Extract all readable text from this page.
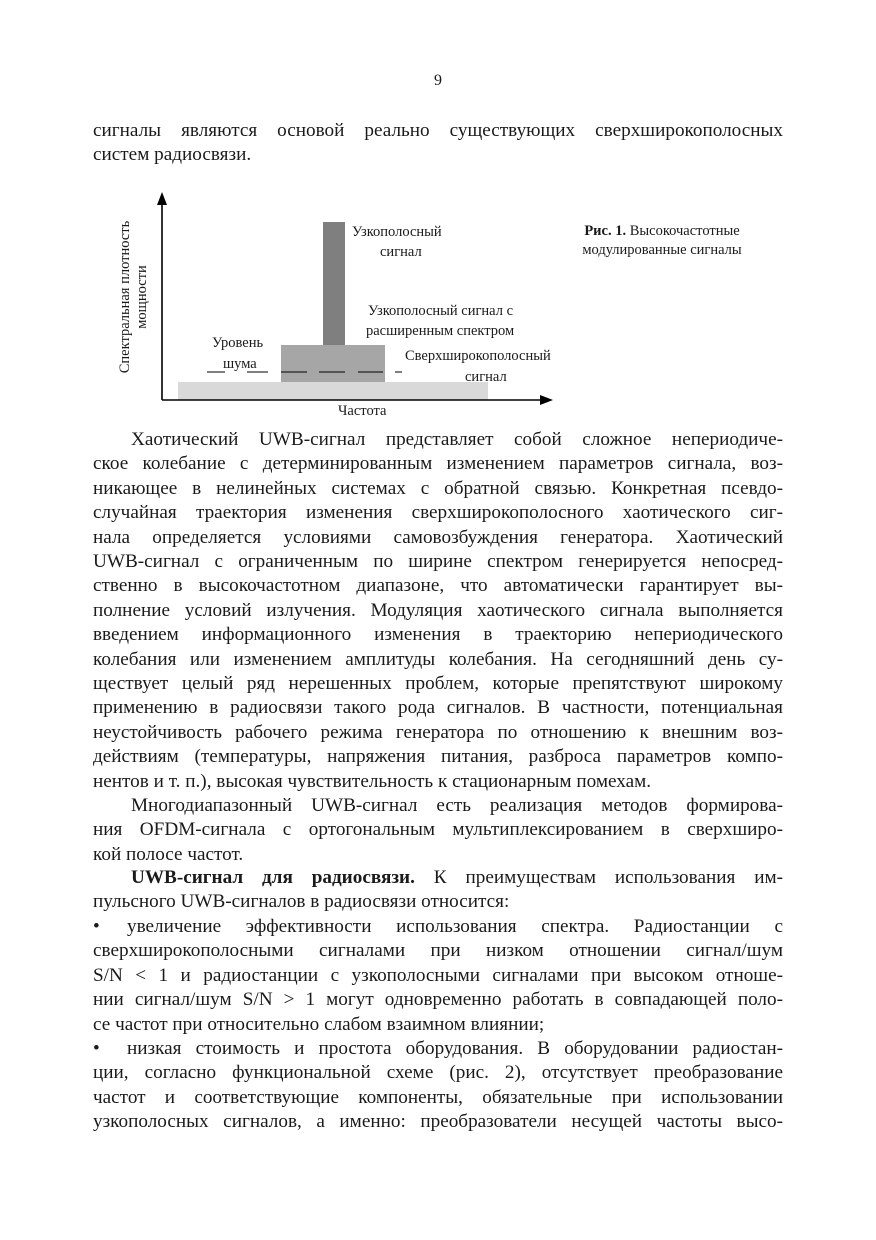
9
сигналы являются основой реально существующих сверхширокополосных
систем радиосвязи.
Спектральная плотность мощности
Частота
Узкополосный
сигнал
Узкополосный сигнал с
расширенным спектром
Уровень
шума	Сверхширокополосный
сигнал
Рис. 1. Высокочастотные
модулированные сигналы
Хаотический UWB-сигнал представляет собой сложное непериодиче-
ское колебание с детерминированным изменением параметров сигнала, воз-
никающее в нелинейных системах с обратной связью. Конкретная псевдо-
случайная траектория изменения сверхширокополосного хаотического сиг-
нала определяется условиями самовозбуждения генератора. Хаотический
UWB-сигнал с ограниченным по ширине спектром генерируется непосред-
ственно в высокочастотном диапазоне, что автоматически гарантирует вы-
полнение условий излучения. Модуляция хаотического сигнала выполняется
введением информационного изменения в траекторию непериодического
колебания или изменением амплитуды колебания. На сегодняшний день су-
ществует целый ряд нерешенных проблем, которые препятствуют широкому
применению в радиосвязи такого рода сигналов. В частности, потенциальная
неустойчивость рабочего режима генератора по отношению к внешним воз-
действиям (температуры, напряжения питания, разброса параметров компо-
нентов и т. п.), высокая чувствительность к стационарным помехам.
Многодиапазонный UWB-сигнал есть реализация методов формирова-
ния OFDM-сигнала с ортогональным мультиплексированием в сверхширо-
кой полосе частот.
UWB-сигнал для радиосвязи. К преимуществам использования им-
пульсного UWB-сигналов в радиосвязи относится:
• увеличение эффективности использования спектра. Радиостанции с
сверхширокополосными сигналами при низком отношении сигнал/шум
S/N < 1 и радиостанции с узкополосными сигналами при высоком отноше-
нии сигнал/шум S/N > 1 могут одновременно работать в совпадающей поло-
се частот при относительно слабом взаимном влиянии;
• низкая стоимость и простота оборудования. В оборудовании радиостан-
ции, согласно функциональной схеме (рис. 2), отсутствует преобразование
частот и соответствующие компоненты, обязательные при использовании
узкополосных сигналов, а именно: преобразователи несущей частоты высо-
